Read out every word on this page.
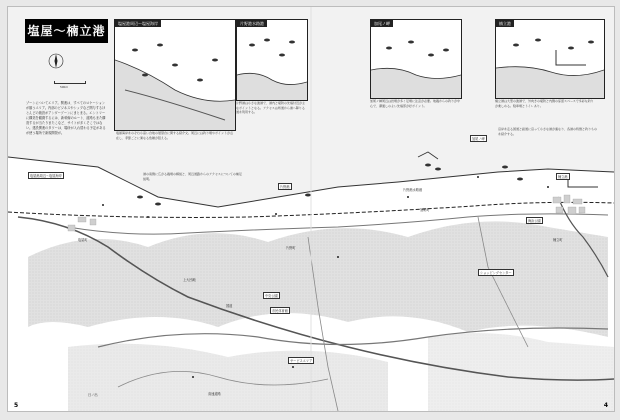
塩屋～楠立港
500m
ゾーンについてエリア。関連は、すべてのロケーションが揃うエリア。内部のビジネスやシップなど関与するほとんどの施設がアンダーゾーンにまとまる。エントリーに構造を観測するには、新幹線のルート、道路もまた構造するが当たりまたこなど、サイトが多くそこではない。建設関連のタワーは、場所が入れ替わる予定があるが使う場所で新規開発が。
塩屋港周辺～塩屋海岸	片野港水路港	加尾ノ岬	楠立港
塩屋海岸をのぞむ小高い台地の展望台に関する紹介文。周辺には釣り場やポイントが点在し、季節ごとに異なる魚種が狙える。
片野港は小さな漁港で、港内と堤防の先端付近が主なポイントとなる。アクセスは県道から港へ降りる道を利用する。
加尾ノ岬周辺は岩場が多く足場に注意が必要。地磯からの釣りが中心で、潮通しのよい先端部が好ポイント。
楠立港は大型の漁港で、外向きの堤防と内側の係留スペースで多彩な釣りが楽しめる。駐車場とトイレあり。
港の南側に広がる磯場の解説と、周辺道路からのアクセスについての補足説明。
沿岸を走る国道と鉄道に沿って小さな港が連なり、各港の特徴と釣りものを紹介する。
塩屋港周辺～塩屋海岸
片野港
加尾ノ岬
楠立港
片野港水路港
片野町
塩屋町
上大団地
国道
中央公園
市民体育館
海浜公園
ショッピングセンター
加尾町
楠立町
日ノ出
サービスエリア
高速道路
5	4
